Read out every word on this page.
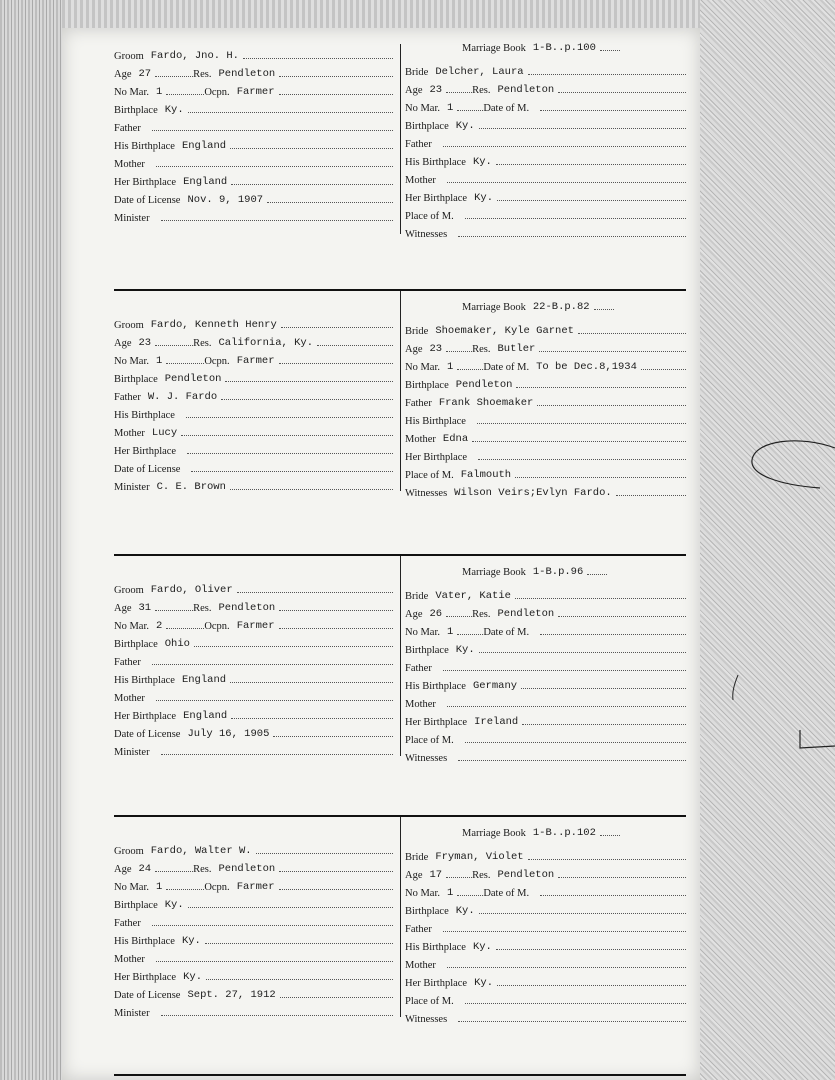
Marriage Book 1-B..p.100
Groom Fardo, Jno. H.
Age 27	Res. Pendleton
No Mar. 1	Ocpn. Farmer
Birthplace Ky.
Father
His Birthplace England
Mother
Her Birthplace England
Date of License Nov. 9, 1907
Minister
Bride Delcher, Laura
Age 23	Res. Pendleton
No Mar. 1	Date of M.
Birthplace Ky.
Father
His Birthplace Ky.
Mother
Her Birthplace Ky.
Place of M.
Witnesses
Marriage Book 22-B.p.82
Groom Fardo, Kenneth Henry
Age 23	Res. California, Ky.
No Mar. 1	Ocpn. Farmer
Birthplace Pendleton
Father W. J. Fardo
His Birthplace
Mother Lucy
Her Birthplace
Date of License
Minister C. E. Brown
Bride Shoemaker, Kyle Garnet
Age 23	Res. Butler
No Mar. 1	Date of M. To be Dec.8,1934
Birthplace Pendleton
Father Frank Shoemaker
His Birthplace
Mother Edna
Her Birthplace
Place of M. Falmouth
Witnesses Wilson Veirs;Evlyn Fardo.
Marriage Book 1-B.p.96
Groom Fardo, Oliver
Age 31	Res. Pendleton
No Mar. 2	Ocpn. Farmer
Birthplace Ohio
Father
His Birthplace England
Mother
Her Birthplace England
Date of License July 16, 1905
Minister
Bride Vater, Katie
Age 26	Res. Pendleton
No Mar. 1	Date of M.
Birthplace Ky.
Father
His Birthplace Germany
Mother
Her Birthplace Ireland
Place of M.
Witnesses
Marriage Book 1-B..p.102
Groom Fardo, Walter W.
Age 24	Res. Pendleton
No Mar. 1	Ocpn. Farmer
Birthplace Ky.
Father
His Birthplace Ky.
Mother
Her Birthplace Ky.
Date of License Sept. 27, 1912
Minister
Bride Fryman, Violet
Age 17	Res. Pendleton
No Mar. 1	Date of M.
Birthplace Ky.
Father
His Birthplace Ky.
Mother
Her Birthplace Ky.
Place of M.
Witnesses
